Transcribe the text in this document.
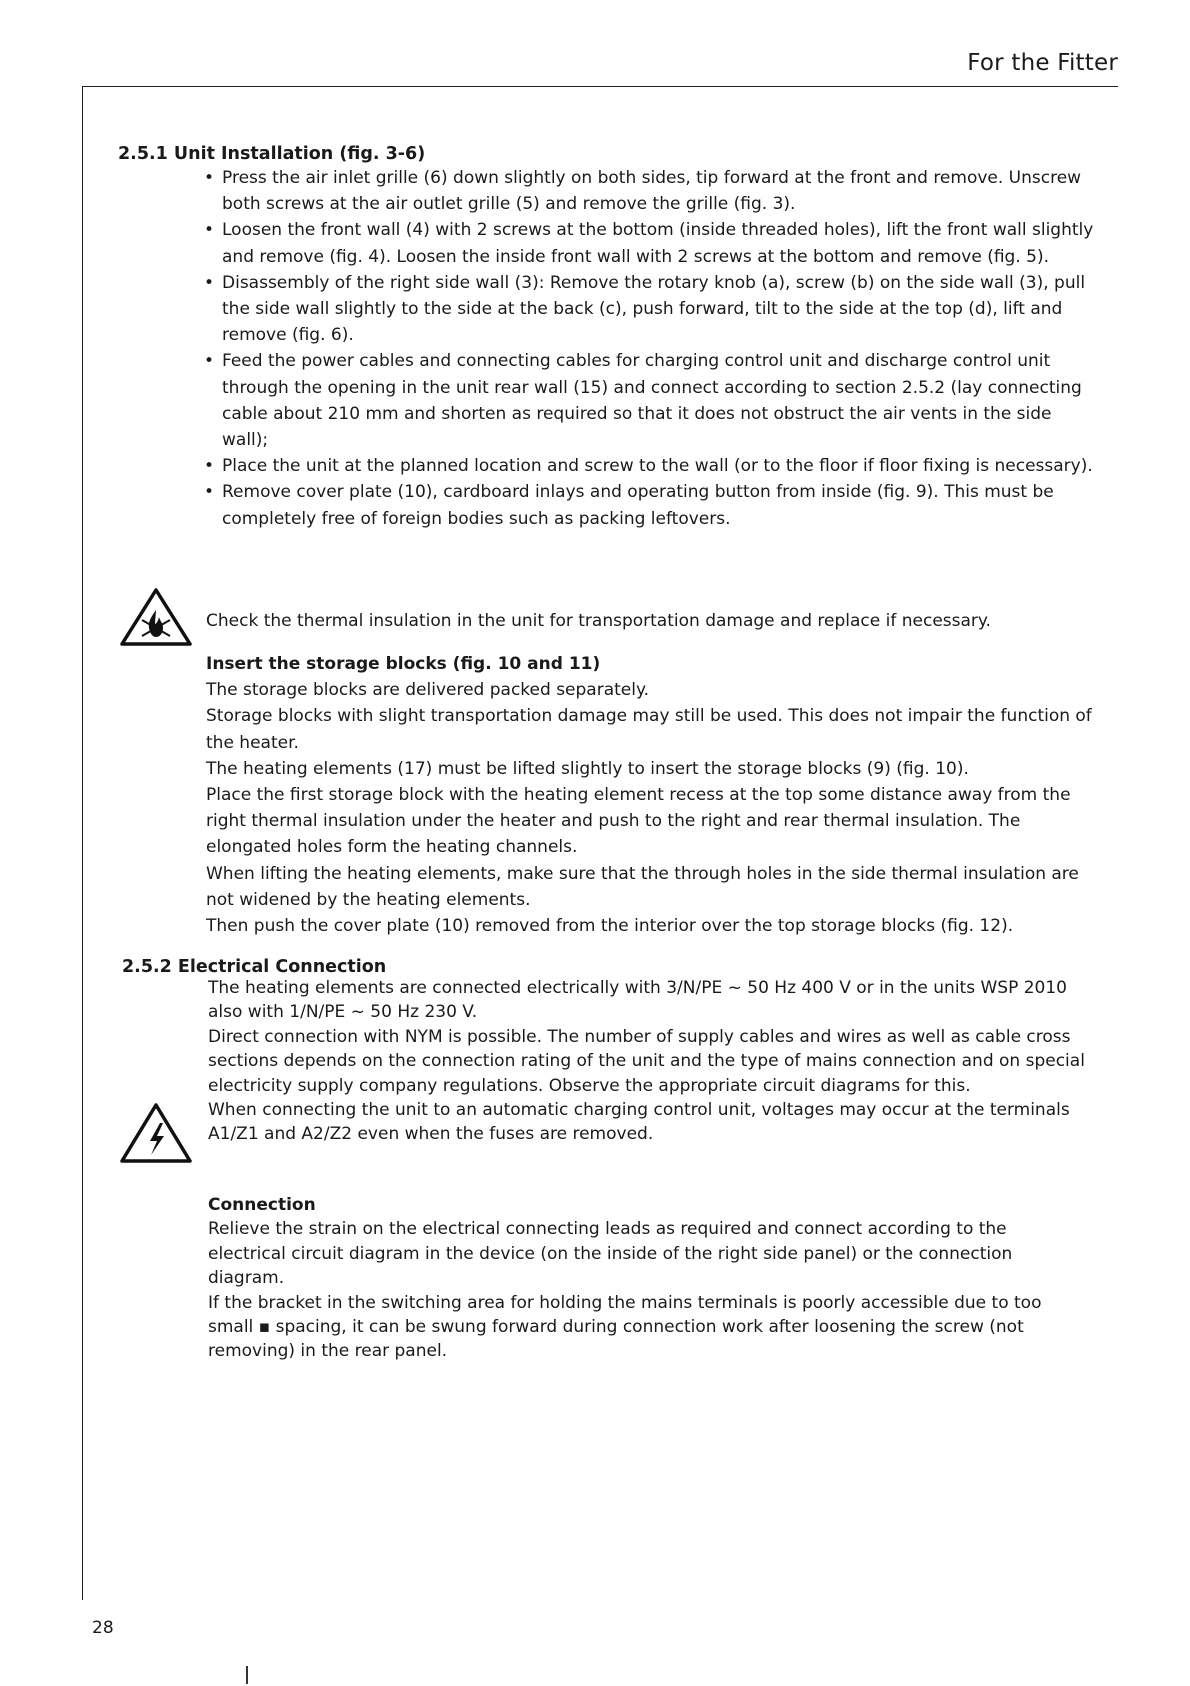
For the Fitter
2.5.1 Unit Installation (fig. 3-6)
• Press the air inlet grille (6) down slightly on both sides, tip forward at the front and remove. Unscrew both screws at the air outlet grille (5) and remove the grille (fig. 3).
• Loosen the front wall (4) with 2 screws at the bottom (inside threaded holes), lift the front wall slightly and remove (fig. 4). Loosen the inside front wall with 2 screws at the bottom and remove (fig. 5).
• Disassembly of the right side wall (3): Remove the rotary knob (a), screw (b) on the side wall (3), pull the side wall slightly to the side at the back (c), push forward, tilt to the side at the top (d), lift and remove (fig. 6).
• Feed the power cables and connecting cables for charging control unit and discharge control unit through the opening in the unit rear wall (15) and connect according to section 2.5.2 (lay connecting cable about 210 mm and shorten as required so that it does not obstruct the air vents in the side wall);
• Place the unit at the planned location and screw to the wall (or to the floor if floor fixing is necessary).
• Remove cover plate (10), cardboard inlays and operating button from inside (fig. 9). This must be completely free of foreign bodies such as packing leftovers.
Check the thermal insulation in the unit for transportation damage and replace if necessary.

Insert the storage blocks (fig. 10 and 11)

The storage blocks are delivered packed separately.

Storage blocks with slight transportation damage may still be used. This does not impair the function of the heater.

The heating elements (17) must be lifted slightly to insert the storage blocks (9) (fig. 10).

Place the first storage block with the heating element recess at the top some distance away from the right thermal insulation under the heater and push to the right and rear thermal insulation. The elongated holes form the heating channels.

When lifting the heating elements, make sure that the through holes in the side thermal insulation are not widened by the heating elements.

Then push the cover plate (10) removed from the interior over the top storage blocks (fig. 12).

2.5.2 Electrical Connection

The heating elements are connected electrically with 3/N/PE ~ 50 Hz 400 V or in the units WSP 2010 also with 1/N/PE ~ 50 Hz 230 V.

Direct connection with NYM is possible. The number of supply cables and wires as well as cable cross sections depends on the connection rating of the unit and the type of mains connection and on special electricity supply company regulations. Observe the appropriate circuit diagrams for this.

When connecting the unit to an automatic charging control unit, voltages may occur at the terminals A1/Z1 and A2/Z2 even when the fuses are removed.

Connection

Relieve the strain on the electrical connecting leads as required and connect according to the electrical circuit diagram in the device (on the inside of the right side panel) or the connection diagram.

If the bracket in the switching area for holding the mains terminals is poorly accessible due to too small ▪ spacing, it can be swung forward during connection work after loosening the screw (not removing) in the rear panel.

28
